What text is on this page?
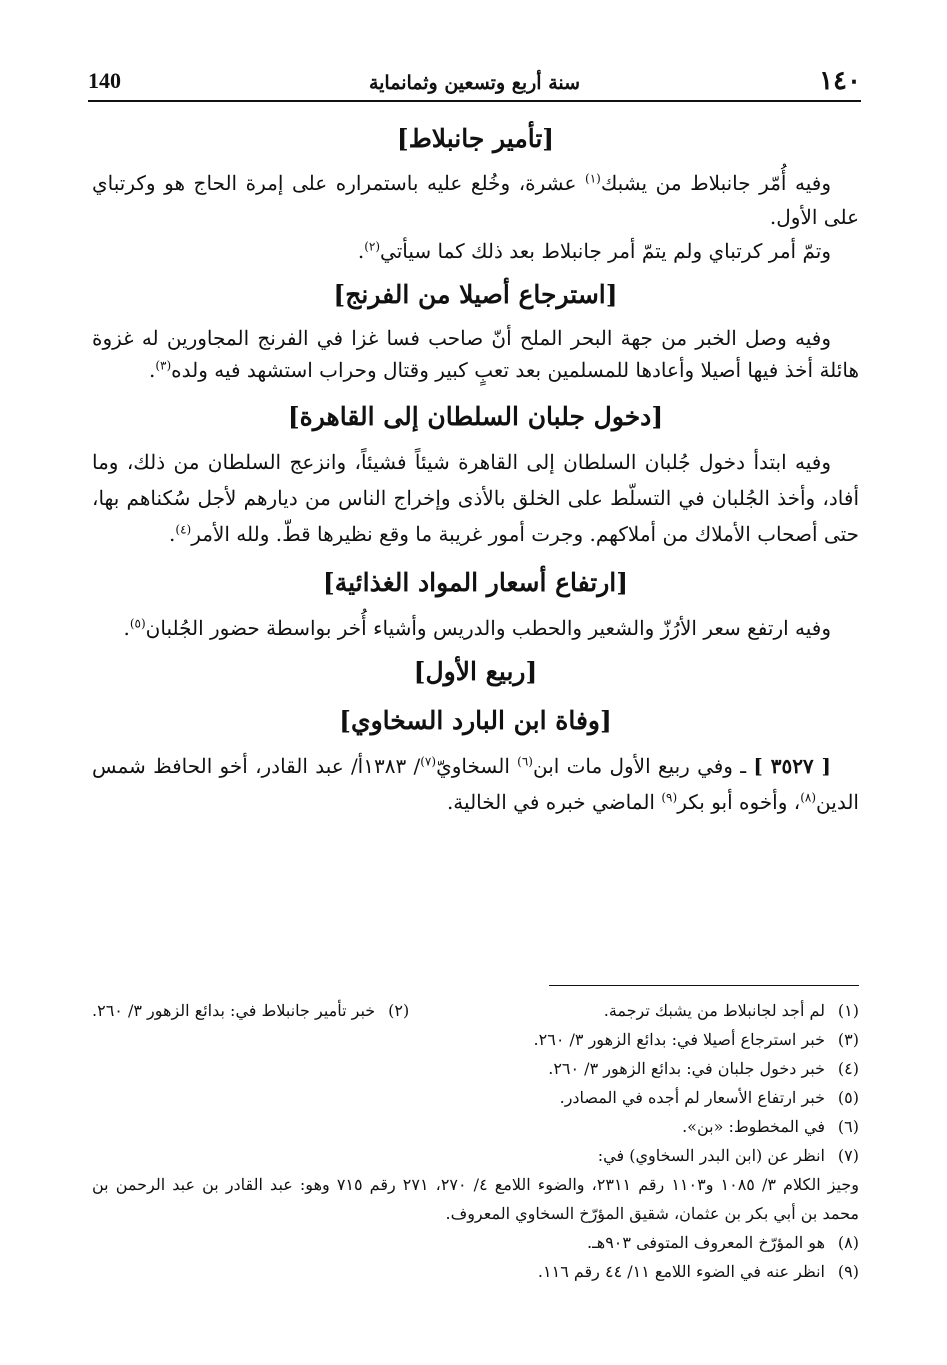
١٤٠
سنة أربع وتسعين وثمانماية
140
[تأمير جانبلاط]

وفيه أُمّر جانبلاط من يشبك$^{(١)}$ عشرة، وخُلع عليه باستمراره على إمرة الحاج هو وكرتباي على الأول.

وتمّ أمر كرتباي ولم يتمّ أمر جانبلاط بعد ذلك كما سيأتي$^{(٢)}$.

[استرجاع أصيلا من الفرنج]

وفيه وصل الخبر من جهة البحر الملح أنّ صاحب فسا غزا في الفرنج المجاورين له غزوة هائلة أخذ فيها أصيلا وأعادها للمسلمين بعد تعبٍ كبير وقتال وحراب استشهد فيه ولده$^{(٣)}$.

[دخول جلبان السلطان إلى القاهرة]

وفيه ابتدأ دخول جُلبان السلطان إلى القاهرة شيئاً فشيئاً، وانزعج السلطان من ذلك، وما أفاد، وأخذ الجُلبان في التسلّط على الخلق بالأذى وإخراج الناس من ديارهم لأجل سُكناهم بها، حتى أصحاب الأملاك من أملاكهم. وجرت أمور غريبة ما وقع نظيرها قطّ. ولله الأمر$^{(٤)}$.

[ارتفاع أسعار المواد الغذائية]

وفيه ارتفع سعر الأرُزّ والشعير والحطب والدريس وأشياء أُخر بواسطة حضور الجُلبان$^{(٥)}$.

[ربيع الأول]
[وفاة ابن البارد السخاوي]

[ ٣٥٢٧ ] ـ وفي ربيع الأول مات ابن$^{(٦)}$ السخاويّ$^{(٧)}$/ ١٣٨٣أ/ عبد القادر، أخو الحافظ شمس الدين$^{(٨)}$، وأخوه أبو بكر$^{(٩)}$ الماضي خبره في الخالية.

(١)لم أجد لجانبلاط من يشبك ترجمة.

(٢)خبر تأمير جانبلاط في: بدائع الزهور ٣/ ٢٦٠.

(٣)خبر استرجاع أصيلا في: بدائع الزهور ٣/ ٢٦٠.

(٤)خبر دخول جلبان في: بدائع الزهور ٣/ ٢٦٠.

(٥)خبر ارتفاع الأسعار لم أجده في المصادر.

(٦)في المخطوط: «بن».

(٧)انظر عن (ابن البدر السخاوي) في:

وجيز الكلام ٣/ ١٠٨٥ و١١٠٣ رقم ٢٣١١، والضوء اللامع ٤/ ٢٧٠، ٢٧١ رقم ٧١٥ وهو: عبد القادر بن عبد الرحمن بن محمد بن أبي بكر بن عثمان، شقيق المؤرّخ السخاوي المعروف.

(٨)هو المؤرّخ المعروف المتوفى ٩٠٣هـ.

(٩)انظر عنه في الضوء اللامع ١١/ ٤٤ رقم ١١٦.
